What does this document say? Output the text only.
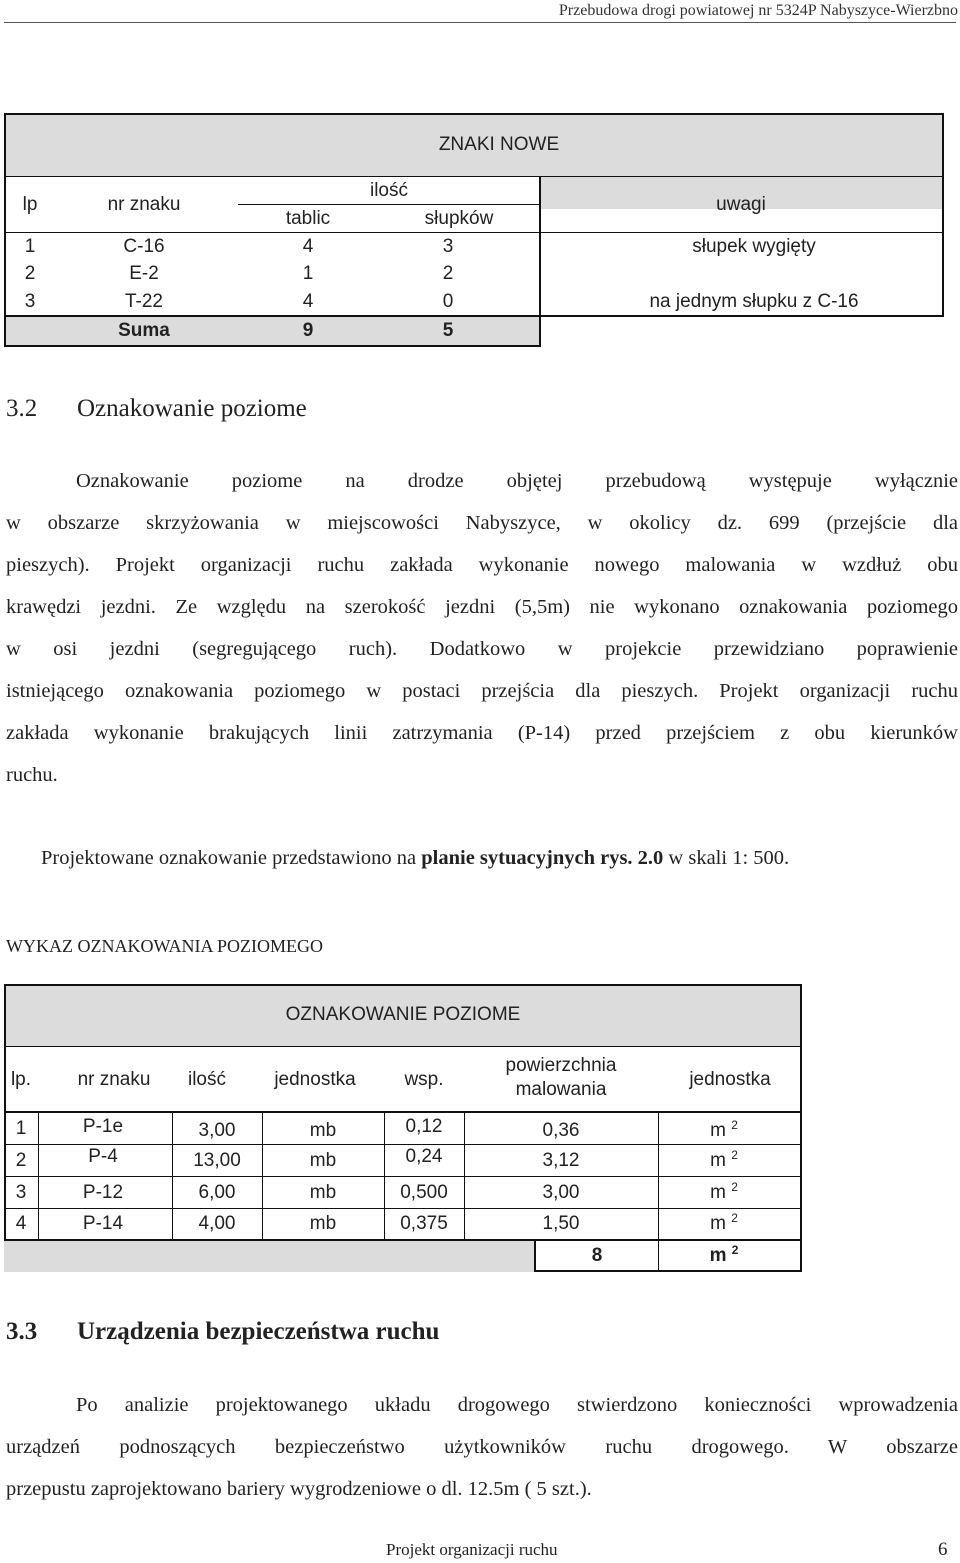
Przebudowa drogi powiatowej nr 5324P Nabyszyce-Wierzbno
ZNAKI NOWE
lp	nr znaku
ilość
tablic	słupków
uwagi
1	C-16	4	3	słupek wygięty
2	E-2	1	2
3	T-22	4	0	na jednym słupku z C-16
Suma	9	5
3.2 Oznakowanie poziome
Oznakowanie poziome na drodze objętej przebudową występuje wyłącznie
w obszarze skrzyżowania w miejscowości Nabyszyce, w okolicy dz. 699 (przejście dla
pieszych). Projekt organizacji ruchu zakłada wykonanie nowego malowania w wzdłuż obu
krawędzi jezdni. Ze względu na szerokość jezdni (5,5m) nie wykonano oznakowania poziomego
w osi jezdni (segregującego ruch). Dodatkowo w projekcie przewidziano poprawienie
istniejącego oznakowania poziomego w postaci przejścia dla pieszych. Projekt organizacji ruchu
zakłada wykonanie brakujących linii zatrzymania (P-14) przed przejściem z obu kierunków
ruchu.
Projektowane oznakowanie przedstawiono na planie sytuacyjnych rys. 2.0 w skali 1: 500.
WYKAZ OZNAKOWANIA POZIOMEGO
OZNAKOWANIE POZIOME
lp.	nr znaku	ilość	jednostka	wsp.
powierzchnia
malowania	jednostka
1	P-1e	3,00	mb	0,12	0,36	m
$^2$
2	P-4	13,00	mb	0,24	3,12	m
$^2$
3	P-12	6,00	mb	0,500	3,00	m
$^2$
4	P-14	4,00	mb	0,375	1,50	m
$^2$
8	m
$^2$
3.3 Urządzenia bezpieczeństwa ruchu
Po analizie projektowanego układu drogowego stwierdzono konieczności wprowadzenia
urządzeń podnoszących bezpieczeństwo użytkowników ruchu drogowego. W obszarze
przepustu zaprojektowano bariery wygrodzeniowe o dl. 12.5m ( 5 szt.).
Projekt organizacji ruchu	6
